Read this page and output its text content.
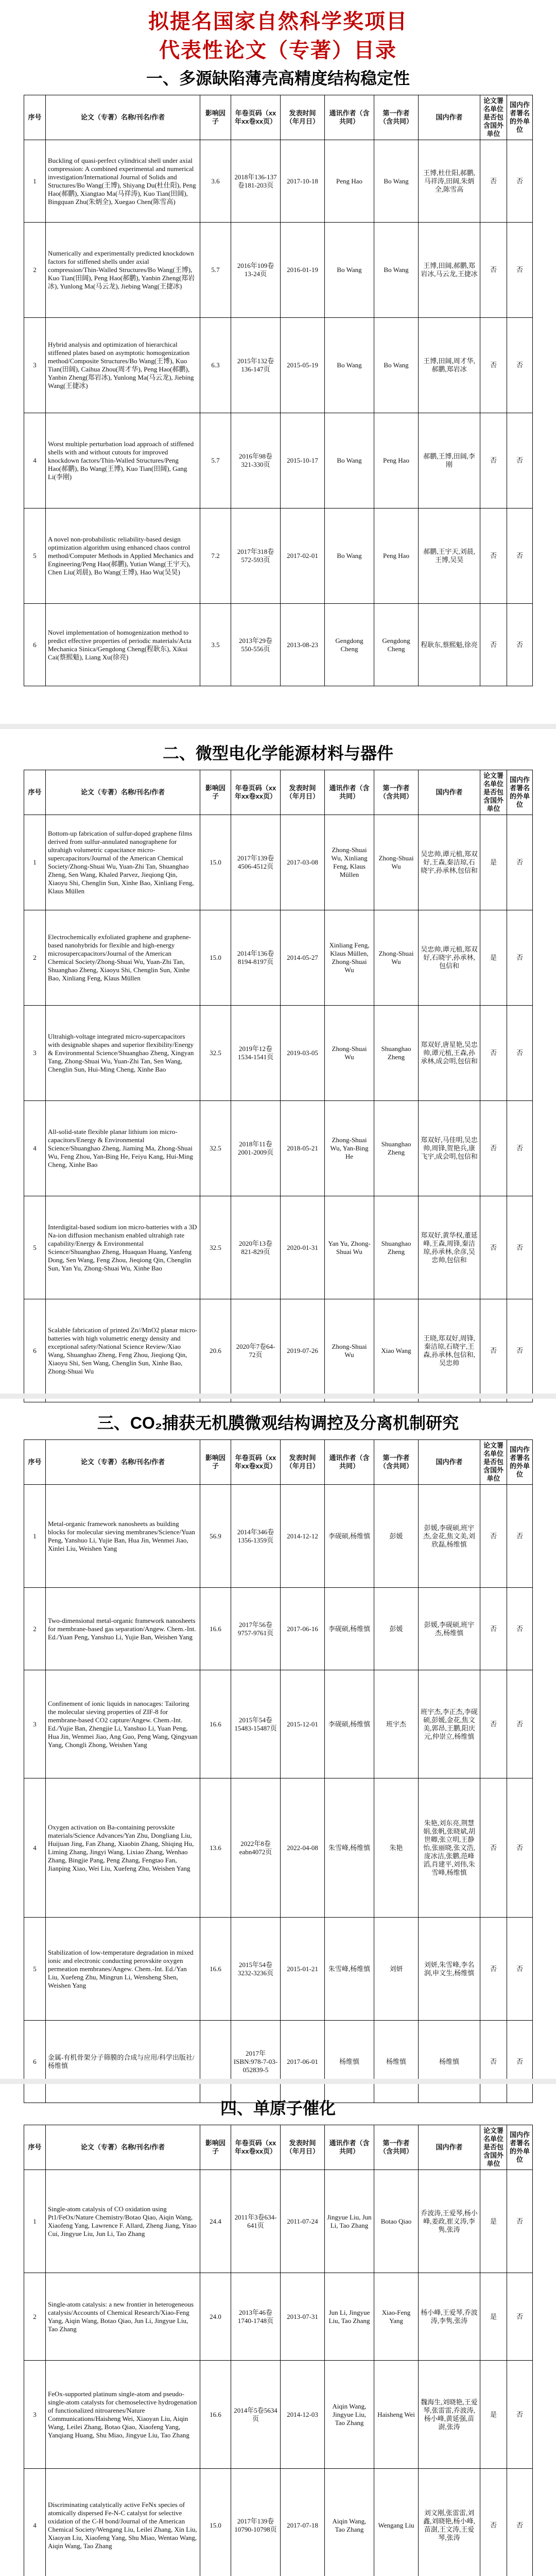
拟提名国家自然科学奖项目
代表性论文（专著）目录
一、多源缺陷薄壳高精度结构稳定性
序号	论文（专著）名称/刊名/作者	影响因子	年卷页码（xx年xx卷xx页）	发表时间（年月日）	通讯作者（含共同）	第一作者（含共同）	国内作者	论文署名单位是否包含国外单位	国内作者署名的外单位
1	Buckling of quasi-perfect cylindrical shell under axial compression: A combined experimental and numerical investigation/International Journal of Solids and Structures/Bo Wang(王博), Shiyang Du(杜仕阳), Peng Hao(郝鹏), Xiangtao Ma(马祥涛), Kuo Tian(田阔), Bingquan Zhu(朱炳全), Xuegao Chen(陈雪高)	3.6	2018年136-137卷181-203页	2017-10-18	Peng Hao	Bo Wang	王博,杜仕阳,郝鹏,马祥涛,田阔,朱炳全,陈雪高	否	否
2	Numerically and experimentally predicted knockdown factors for stiffened shells under axial compression/Thin-Walled Structures/Bo Wang(王博), Kuo Tian(田阔), Peng Hao(郝鹏), Yanbin Zheng(郑岩冰), Yunlong Ma(马云龙), Jiebing Wang(王捷冰)	5.7	2016年109卷13-24页	2016-01-19	Bo Wang	Bo Wang	王博,田阔,郝鹏,郑岩冰,马云龙,王捷冰	否	否
3	Hybrid analysis and optimization of hierarchical stiffened plates based on asymptotic homogenization method/Composite Structures/Bo Wang(王博), Kuo Tian(田阔), Caihua Zhou(周才华), Peng Hao(郝鹏), Yanbin Zheng(郑岩冰), Yunlong Ma(马云龙), Jiebing Wang(王捷冰)	6.3	2015年132卷136-147页	2015-05-19	Bo Wang	Bo Wang	王博,田阔,周才华,郝鹏,郑岩冰	否	否
4	Worst multiple perturbation load approach of stiffened shells with and without cutouts for improved knockdown factors/Thin-Walled Structures/Peng Hao(郝鹏), Bo Wang(王博), Kuo Tian(田阔), Gang Li(李刚)	5.7	2016年98卷321-330页	2015-10-17	Bo Wang	Peng Hao	郝鹏,王博,田阔,李刚	否	否
5	A novel non-probabilistic reliability-based design optimization algorithm using enhanced chaos control method/Computer Methods in Applied Mechanics and Engineering/Peng Hao(郝鹏), Yutian Wang(王宇天), Chen Liu(刘晨), Bo Wang(王博), Hao Wu(吴昊)	7.2	2017年318卷572-593页	2017-02-01	Bo Wang	Peng Hao	郝鹏,王宇天,刘晨,王博,吴昊	否	否
6	Novel implementation of homogenization method to predict effective properties of periodic materials/Acta Mechanica Sinica/Gengdong Cheng(程耿东), Xikui Cai(蔡熙魁), Liang Xu(徐亮)	3.5	2013年29卷550-556页	2013-08-23	Gengdong Cheng	Gengdong Cheng	程耿东,蔡熙魁,徐亮	否	否
二、微型电化学能源材料与器件
序号	论文（专著）名称/刊名/作者	影响因子	年卷页码（xx年xx卷xx页）	发表时间（年月日）	通讯作者（含共同）	第一作者（含共同）	国内作者	论文署名单位是否包含国外单位	国内作者署名的外单位
1	Bottom-up fabrication of sulfur-doped graphene films derived from sulfur-annulated nanographene for ultrahigh volumetric capacitance micro-supercapacitors/Journal of the American Chemical Society/Zhong-Shuai Wu, Yuan-Zhi Tan, Shuanghao Zheng, Sen Wang, Khaled Parvez, Jieqiong Qin, Xiaoyu Shi, Chenglin Sun, Xinhe Bao, Xinliang Feng, Klaus Müllen	15.0	2017年139卷4506-4512页	2017-03-08	Zhong-Shuai Wu, Xinliang Feng, Klaus Müllen	Zhong-Shuai Wu	吴忠帅,谭元植,郑双好,王森,秦洁琼,石晓宇,孙承林,包信和	是	否
2	Electrochemically exfoliated graphene and graphene-based nanohybrids for flexible and high-energy microsupercapacitors/Journal of the American Chemical Society/Zhong-Shuai Wu, Yuan-Zhi Tan, Shuanghao Zheng, Xiaoyu Shi, Chenglin Sun, Xinhe Bao, Xinliang Feng, Klaus Müllen	15.0	2014年136卷8194-8197页	2014-05-27	Xinliang Feng, Klaus Müllen, Zhong-Shuai Wu	Zhong-Shuai Wu	吴忠帅,谭元植,郑双好,石晓宇,孙承林,包信和	是	否
3	Ultrahigh-voltage integrated micro-supercapacitors with designable shapes and superior flexibility/Energy & Environmental Science/Shuanghao Zheng, Xingyan Tang, Zhong-Shuai Wu, Yuan-Zhi Tan, Sen Wang, Chenglin Sun, Hui-Ming Cheng, Xinhe Bao	32.5	2019年12卷1534-1541页	2019-03-05	Zhong-Shuai Wu	Shuanghao Zheng	郑双好,唐星艳,吴忠帅,谭元植,王森,孙承林,成会明,包信和	否	否
4	All-solid-state flexible planar lithium ion micro-capacitors/Energy & Environmental Science/Shuanghao Zheng, Jiaming Ma, Zhong-Shuai Wu, Feng Zhou, Yan-Bing He, Feiyu Kang, Hui-Ming Cheng, Xinhe Bao	32.5	2018年11卷2001-2009页	2018-05-21	Zhong-Shuai Wu, Yan-Bing He	Shuanghao Zheng	郑双好,马佳明,吴忠帅,周锋,贺艳兵,康飞宇,成会明,包信和	否	否
5	Interdigital-based sodium ion micro-batteries with a 3D Na-ion diffusion mechanism enabled ultrahigh rate capability/Energy & Environmental Science/Shuanghao Zheng, Huaquan Huang, Yanfeng Dong, Sen Wang, Feng Zhou, Jieqiong Qin, Chenglin Sun, Yan Yu, Zhong-Shuai Wu, Xinhe Bao	32.5	2020年13卷821-829页	2020-01-31	Yan Yu, Zhong-Shuai Wu	Shuanghao Zheng	郑双好,黄华权,董延峰,王森,周锋,秦洁琼,孙承林,余彦,吴忠帅,包信和	否	否
6	Scalable fabrication of printed Zn//MnO2 planar micro-batteries with high volumetric energy density and exceptional safety/National Science Review/Xiao Wang, Shuanghao Zheng, Feng Zhou, Jieqiong Qin, Xiaoyu Shi, Sen Wang, Chenglin Sun, Xinhe Bao, Zhong-Shuai Wu	20.6	2020年7卷64-72页	2019-07-26	Zhong-Shuai Wu	Xiao Wang	王晓,郑双好,周锋,秦洁琼,石晓宇,王森,孙承林,包信和,吴忠帅	否	否
三、CO₂捕获无机膜微观结构调控及分离机制研究
序号	论文（专著）名称/刊名/作者	影响因子	年卷页码（xx年xx卷xx页）	发表时间（年月日）	通讯作者（含共同）	第一作者（含共同）	国内作者	论文署名单位是否包含国外单位	国内作者署名的外单位
1	Metal-organic framework nanosheets as building blocks for molecular sieving membranes/Science/Yuan Peng, Yanshuo Li, Yujie Ban, Hua Jin, Wenmei Jiao, Xinlei Liu, Weishen Yang	56.9	2014年346卷1356-1359页	2014-12-12	李砚硕,杨维慎	彭媛	彭媛,李砚硕,班宇杰,金花,焦文美,刘欣磊,杨维慎	否	否
2	Two-dimensional metal-organic framework nanosheets for membrane-based gas separation/Angew. Chem.-Int. Ed./Yuan Peng, Yanshuo Li, Yujie Ban, Weishen Yang	16.6	2017年56卷9757-9761页	2017-06-16	李砚硕,杨维慎	彭媛	彭媛,李砚硕,班宇杰,杨维慎	否	否
3	Confinement of ionic liquids in nanocages: Tailoring the molecular sieving properties of ZIF-8 for membrane-based CO2 capture/Angew. Chem.-Int. Ed./Yujie Ban, Zhengjie Li, Yanshuo Li, Yuan Peng, Hua Jin, Wenmei Jiao, Ang Guo, Peng Wang, Qingyuan Yang, Chongli Zhong, Weishen Yang	16.6	2015年54卷15483-15487页	2015-12-01	李砚硕,杨维慎	班宇杰	班宇杰,李正杰,李砚硕,彭媛,金花,焦文美,郭昂,王鹏,阳庆元,仲崇立,杨维慎	否	否
4	Oxygen activation on Ba-containing perovskite materials/Science Advances/Yan Zhu, Dongliang Liu, Huijuan Jing, Fan Zhang, Xiaobin Zhang, Shiqing Hu, Liming Zhang, Jingyi Wang, Lixiao Zhang, Wenhao Zhang, Bingjie Pang, Peng Zhang, Fengtao Fan, Jianping Xiao, Wei Liu, Xuefeng Zhu, Weishen Yang	13.6	2022年8卷eabn4072页	2022-04-08	朱雪峰,杨维慎	朱艳	朱艳,刘东亮,荆慧娟,张帆,张晓斌,胡世卿,张立明,王静怡,张丽晓,张文浩,庞冰洁,张鹏,范峰滔,肖建平,刘伟,朱雪峰,杨维慎	否	否
5	Stabilization of low-temperature degradation in mixed ionic and electronic conducting perovskite oxygen permeation membranes/Angew. Chem.-Int. Ed./Yan Liu, Xuefeng Zhu, Mingrun Li, Wensheng Shen, Weishen Yang	16.6	2015年54卷3232-3236页	2015-01-21	朱雪峰,杨维慎	刘妍	刘妍,朱雪峰,李名润,申文生,杨维慎	否	否
6	金属-有机骨架分子筛膜的合成与应用/科学出版社/杨维慎		2017年ISBN:978-7-03-052839-5	2017-06-01	杨维慎	杨维慎	杨维慎	否	否
四、单原子催化
序号	论文（专著）名称/刊名/作者	影响因子	年卷页码（xx年xx卷xx页）	发表时间（年月日）	通讯作者（含共同）	第一作者（含共同）	国内作者	论文署名单位是否包含国外单位	国内作者署名的外单位
1	Single-atom catalysis of CO oxidation using Pt1/FeOx/Nature Chemistry/Botao Qiao, Aiqin Wang, Xiaofeng Yang, Lawrence F. Allard, Zheng Jiang, Yitao Cui, Jingyue Liu, Jun Li, Tao Zhang	24.4	2011年3卷634-641页	2011-07-24	Jingyue Liu, Jun Li, Tao Zhang	Botao Qiao	乔波涛,王爱琴,杨小峰,姜政,崔义涛,李隽,张涛	是	否
2	Single-atom catalysis: a new frontier in heterogeneous catalysis/Accounts of Chemical Research/Xiao-Feng Yang, Aiqin Wang, Botao Qiao, Jun Li, Jingyue Liu, Tao Zhang	24.0	2013年46卷1740-1748页	2013-07-31	Jun Li, Jingyue Liu, Tao Zhang	Xiao-Feng Yang	杨小峰,王爱琴,乔波涛,李隽,张涛	是	否
3	FeOx-supported platinum single-atom and pseudo-single-atom catalysts for chemoselective hydrogenation of functionalized nitroarenes/Nature Communications/Haisheng Wei, Xiaoyan Liu, Aiqin Wang, Leilei Zhang, Botao Qiao, Xiaofeng Yang, Yanqiang Huang, Shu Miao, Jingyue Liu, Tao Zhang	16.6	2014年5卷5634页	2014-12-03	Aiqin Wang, Jingyue Liu, Tao Zhang	Haisheng Wei	魏海生,刘晓艳,王爱琴,张雷雷,乔波涛,杨小峰,黄延强,苗澍,张涛	是	否
4	Discriminating catalytically active FeNx species of atomically dispersed Fe-N-C catalyst for selective oxidation of the C-H bond/Journal of the American Chemical Society/Wengang Liu, Leilei Zhang, Xin Liu, Xiaoyan Liu, Xiaofeng Yang, Shu Miao, Wentao Wang, Aiqin Wang, Tao Zhang	15.0	2017年139卷10790-10798页	2017-07-18	Aiqin Wang, Tao Zhang	Wengang Liu	刘文刚,张雷雷,刘鑫,刘晓艳,杨小峰,苗澍,王文涛,王爱琴,张涛	否	否
